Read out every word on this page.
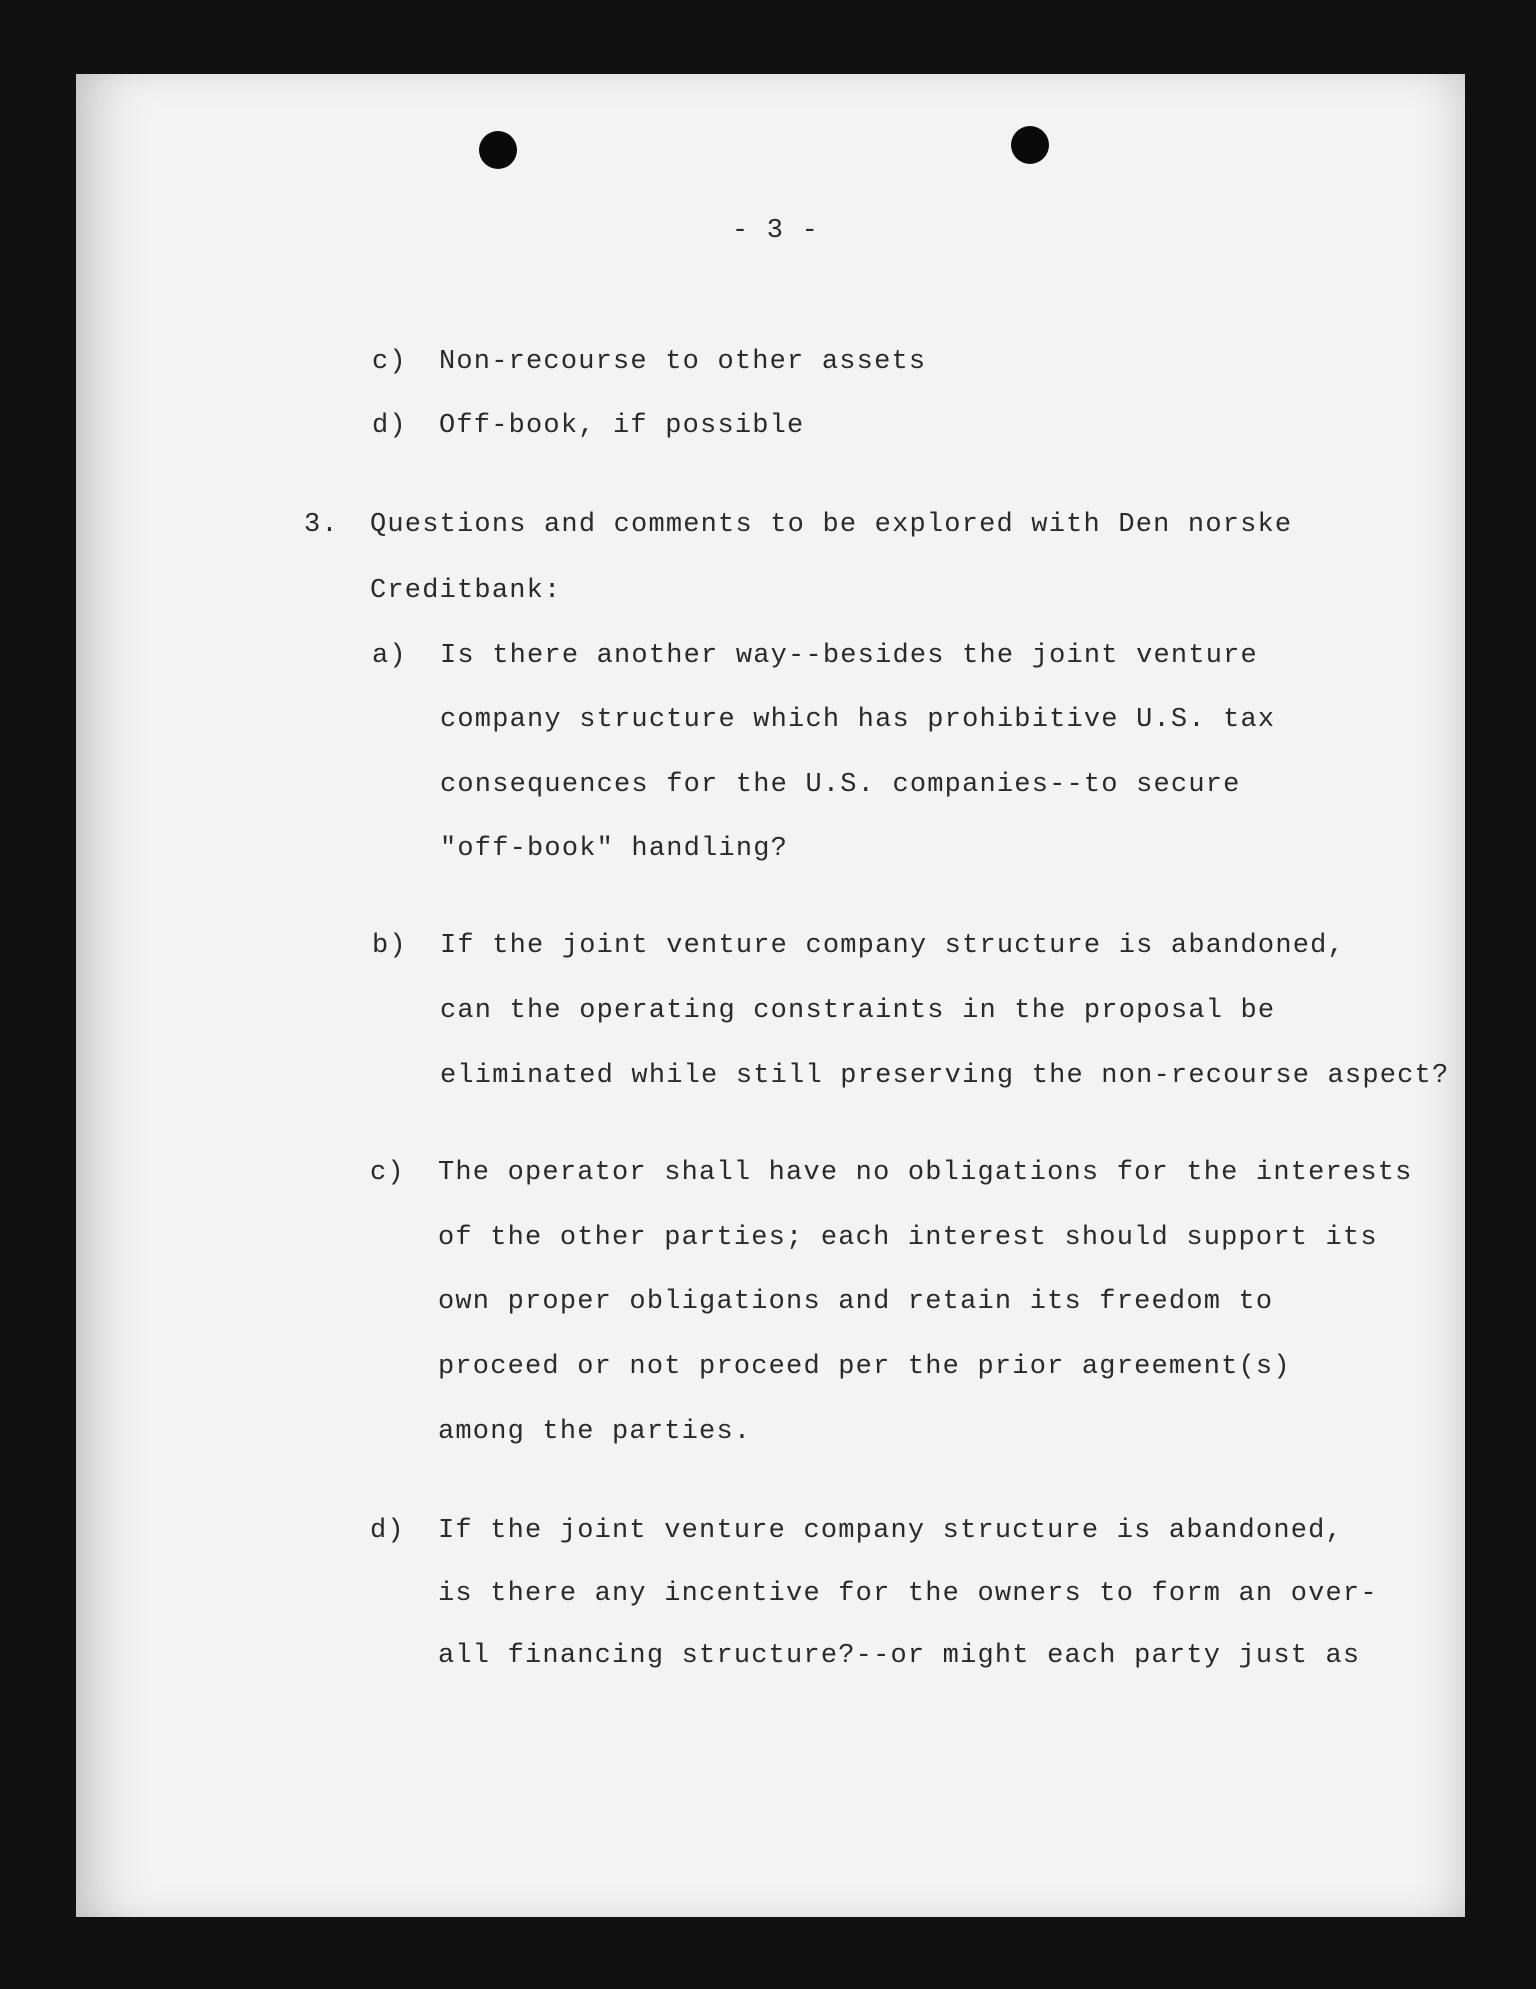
- 3 -
c) Non-recourse to other assets
d) Off-book, if possible
3. Questions and comments to be explored with Den norske
Creditbank:
a) Is there another way--besides the joint venture
company structure which has prohibitive U.S. tax
consequences for the U.S. companies--to secure
"off-book" handling?
b) If the joint venture company structure is abandoned,
can the operating constraints in the proposal be
eliminated while still preserving the non-recourse aspect?
c) The operator shall have no obligations for the interests
of the other parties; each interest should support its
own proper obligations and retain its freedom to
proceed or not proceed per the prior agreement(s)
among the parties.
d) If the joint venture company structure is abandoned,
is there any incentive for the owners to form an over-
all financing structure?--or might each party just as
